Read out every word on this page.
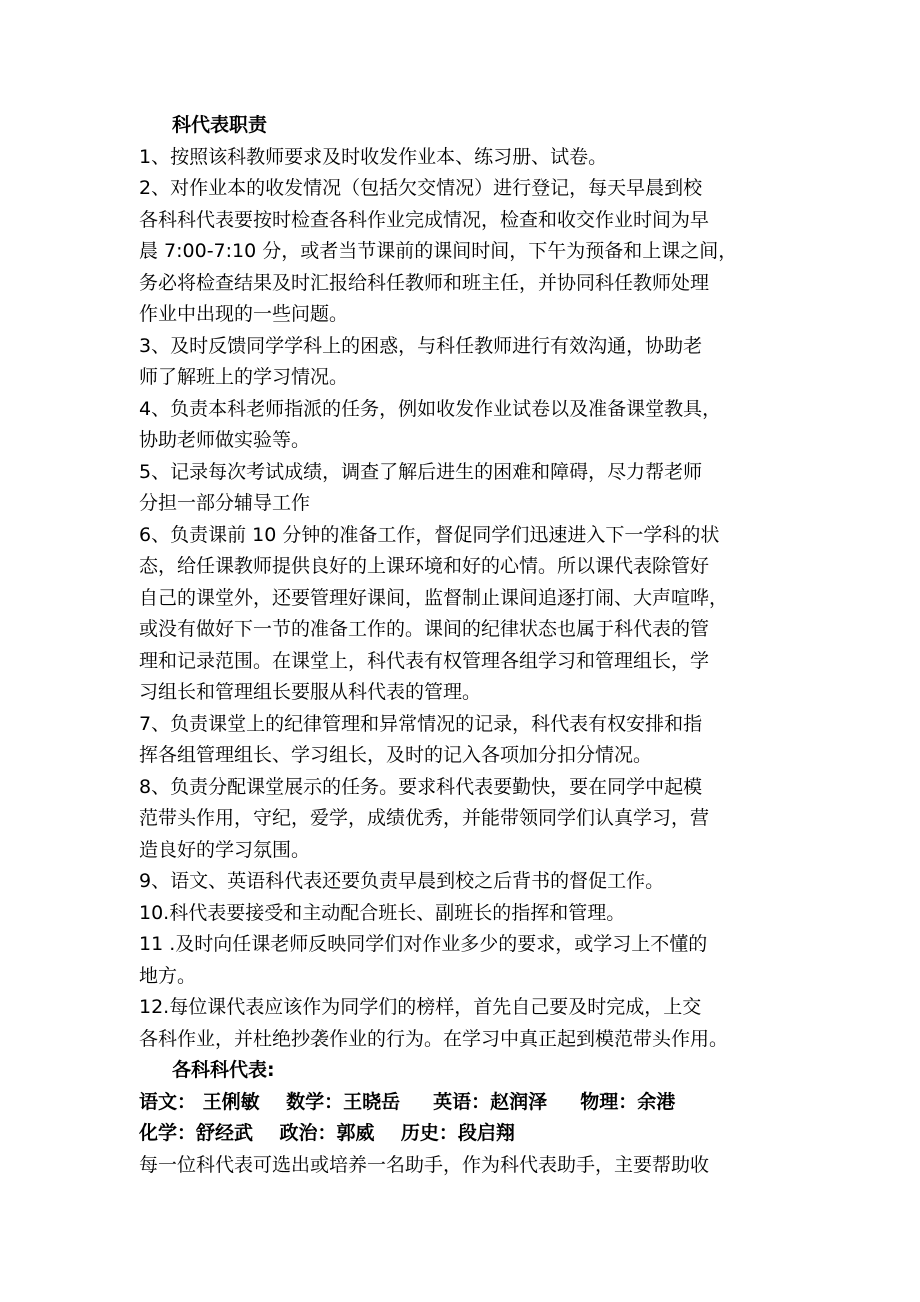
科代表职责
1、按照该科教师要求及时收发作业本、练习册、试卷。
2、对作业本的收发情况（包括欠交情况）进行登记，每天早晨到校
各科科代表要按时检查各科作业完成情况，检查和收交作业时间为早
晨 7:00-7:10 分，或者当节课前的课间时间，下午为预备和上课之间，
务必将检查结果及时汇报给科任教师和班主任，并协同科任教师处理
作业中出现的一些问题。
3、及时反馈同学学科上的困惑，与科任教师进行有效沟通，协助老
师了解班上的学习情况。
4、负责本科老师指派的任务，例如收发作业试卷以及准备课堂教具，
协助老师做实验等。
5、记录每次考试成绩，调查了解后进生的困难和障碍，尽力帮老师
分担一部分辅导工作
6、负责课前 10 分钟的准备工作，督促同学们迅速进入下一学科的状
态，给任课教师提供良好的上课环境和好的心情。所以课代表除管好
自己的课堂外，还要管理好课间，监督制止课间追逐打闹、大声喧哗，
或没有做好下一节的准备工作的。课间的纪律状态也属于科代表的管
理和记录范围。在课堂上，科代表有权管理各组学习和管理组长，学
习组长和管理组长要服从科代表的管理。
7、负责课堂上的纪律管理和异常情况的记录，科代表有权安排和指
挥各组管理组长、学习组长，及时的记入各项加分扣分情况。
8、负责分配课堂展示的任务。要求科代表要勤快，要在同学中起模
范带头作用，守纪，爱学，成绩优秀，并能带领同学们认真学习，营
造良好的学习氛围。
9、语文、英语科代表还要负责早晨到校之后背书的督促工作。
10.科代表要接受和主动配合班长、副班长的指挥和管理。
11 .及时向任课老师反映同学们对作业多少的要求，或学习上不懂的
地方。
12.每位课代表应该作为同学们的榜样，首先自己要及时完成，上交
各科作业，并杜绝抄袭作业的行为。在学习中真正起到模范带头作用。
各科科代表:
语文： 王俐敏    数学：王晓岳     英语：赵润泽     物理：余港
化学：舒经武    政治：郭威    历史：段启翔
每一位科代表可选出或培养一名助手，作为科代表助手，主要帮助收
